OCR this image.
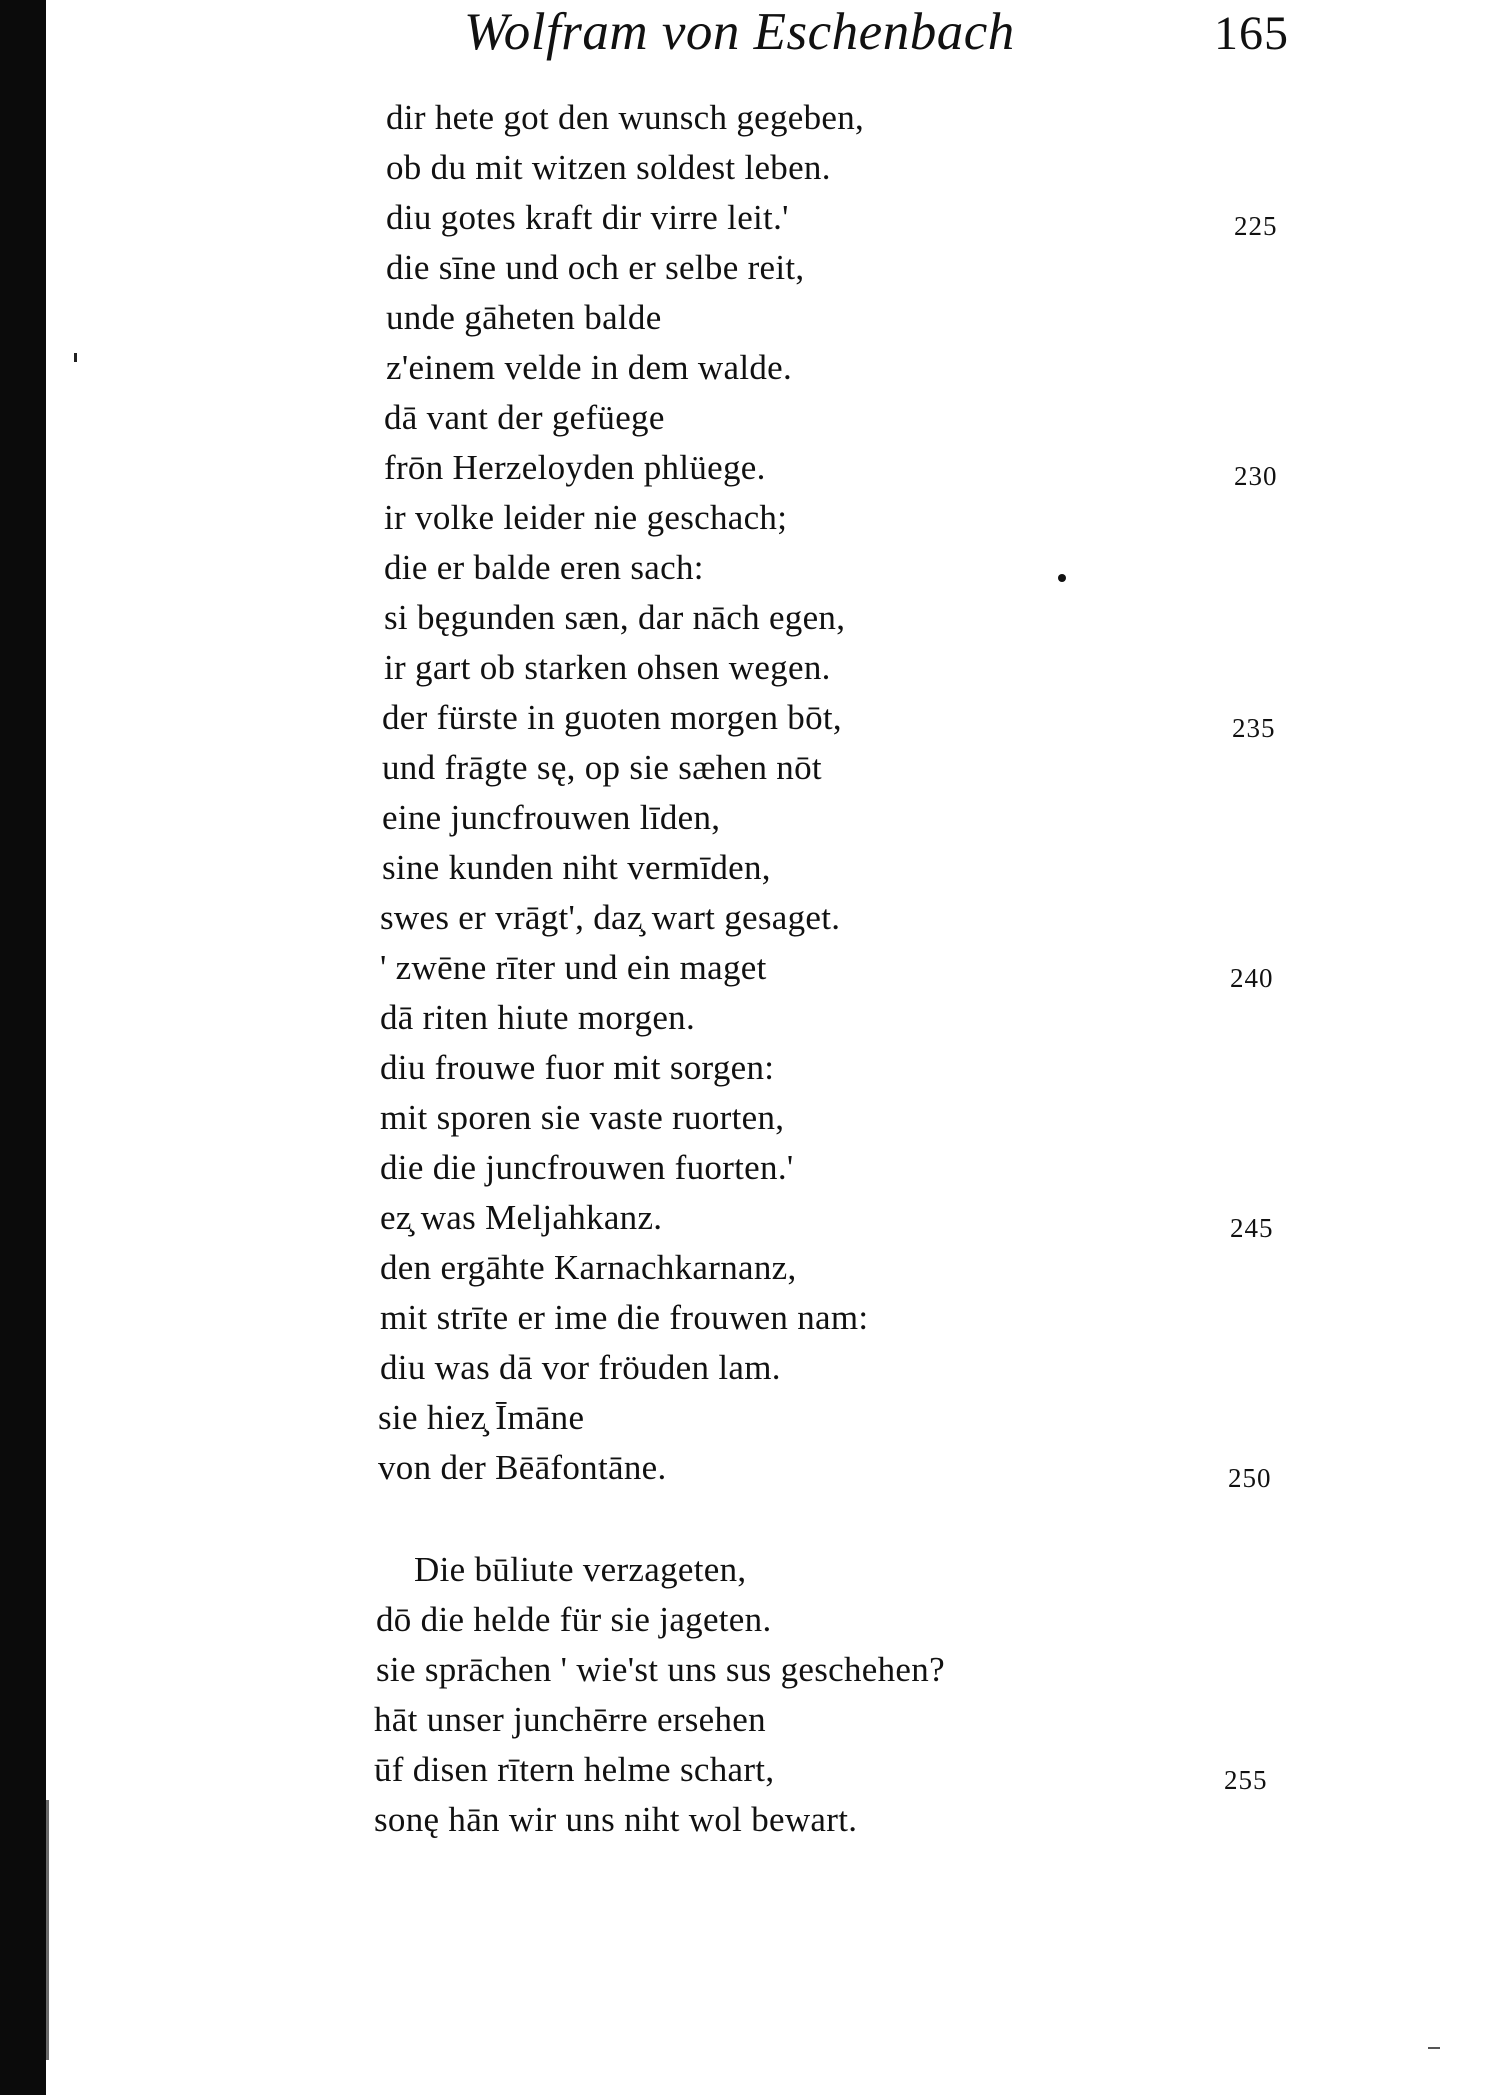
Wolfram von Eschenbach	165
dir hete got den wunsch gegeben,
ob du mit witzen soldest leben.
diu gotes kraft dir virre leit.'	225
die sīne und och er selbe reit,
unde gāheten balde
z'einem velde in dem walde.
dā vant der gefüege
frōn Herzeloyden phlüege.	230
ir volke leider nie geschach;
die er balde eren sach:
si bęgunden sæn, dar nāch egen,
ir gart ob starken ohsen wegen.
der fürste in guoten morgen bōt,	235
und frāgte sę, op sie sæhen nōt
eine juncfrouwen līden,
sine kunden niht vermīden,
swes er vrāgt', daz̧ wart gesaget.
' zwēne rīter und ein maget	240
dā riten hiute morgen.
diu frouwe fuor mit sorgen:
mit sporen sie vaste ruorten,
die die juncfrouwen fuorten.'
ez̧ was Meljahkanz.	245
den ergāhte Karnachkarnanz,
mit strīte er ime die frouwen nam:
diu was dā vor fröuden lam.
sie hiez̧ Īmāne
von der Bēāfontāne.	250
Die būliute verzageten,
dō die helde für sie jageten.
sie sprāchen ' wie'st uns sus geschehen?
hāt unser junchērre ersehen
ūf disen rītern helme schart,	255
sonę hān wir uns niht wol bewart.
